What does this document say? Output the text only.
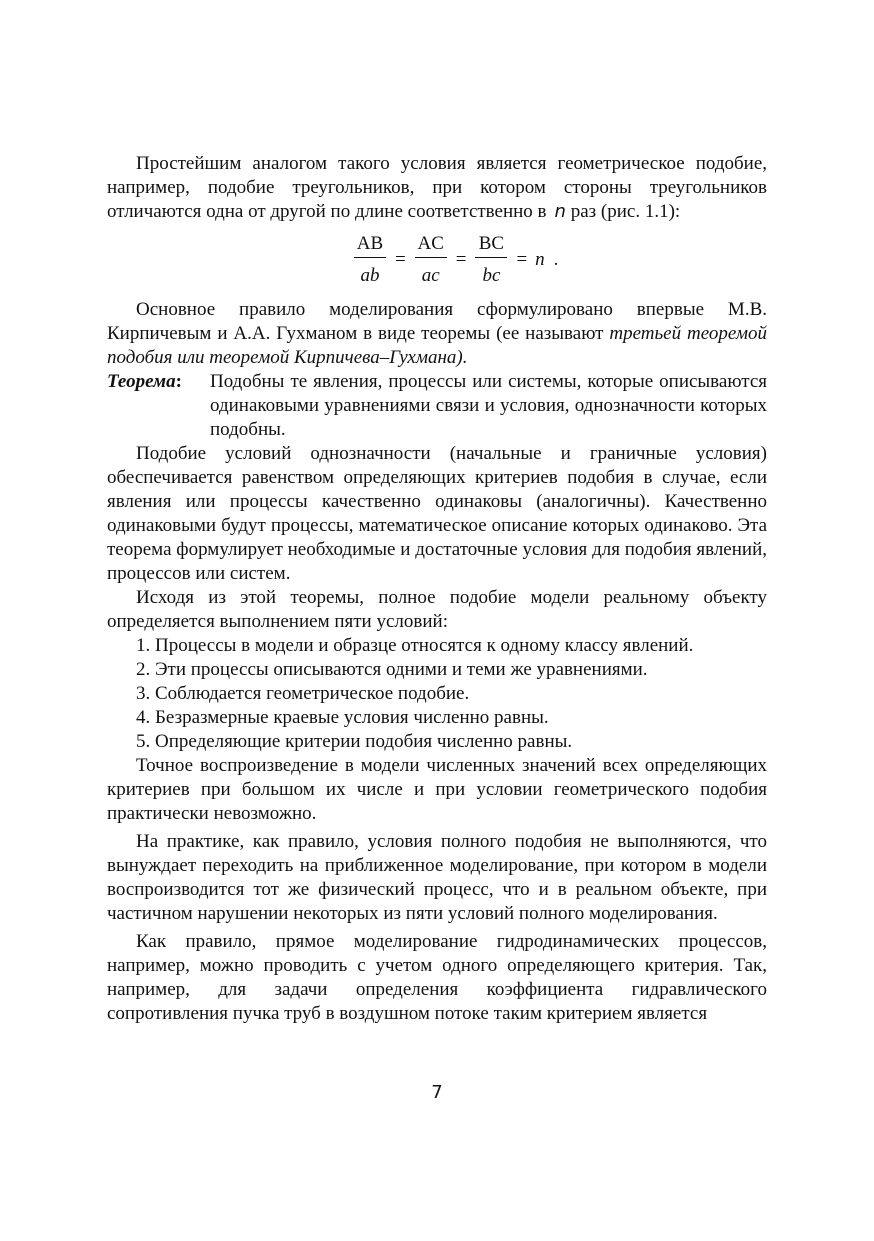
Простейшим аналогом такого условия является геометрическое подобие, например, подобие треугольников, при котором стороны треугольников отличаются одна от другой по длине соответственно в n раз (рис. 1.1):

$\frac{AB}{ab} = \frac{AC}{ac} = \frac{BC}{bc} = n$ .

Основное правило моделирования сформулировано впервые М.В. Кирпичевым и А.А. Гухманом в виде теоремы (ее называют третьей теоремой подобия или теоремой Кирпичева–Гухмана).

Теорема:	Подобны те явления, процессы или системы, которые описываются одинаковыми уравнениями связи и условия, однозначности которых подобны.

Подобие условий однозначности (начальные и граничные условия) обеспечивается равенством определяющих критериев подобия в случае, если явления или процессы качественно одинаковы (аналогичны). Качественно одинаковыми будут процессы, математическое описание которых одинаково. Эта теорема формулирует необходимые и достаточные условия для подобия явлений, процессов или систем.

Исходя из этой теоремы, полное подобие модели реальному объекту определяется выполнением пяти условий:

1. Процессы в модели и образце относятся к одному классу явлений.
2. Эти процессы описываются одними и теми же уравнениями.
3. Соблюдается геометрическое подобие.
4. Безразмерные краевые условия численно равны.
5. Определяющие критерии подобия численно равны.

Точное воспроизведение в модели численных значений всех определяющих критериев при большом их числе и при условии геометрического подобия практически невозможно.

На практике, как правило, условия полного подобия не выполняются, что вынуждает переходить на приближенное моделирование, при котором в модели воспроизводится тот же физический процесс, что и в реальном объекте, при частичном нарушении некоторых из пяти условий полного моделирования.

Как правило, прямое моделирование гидродинамических процессов, например, можно проводить с учетом одного определяющего критерия. Так, например, для задачи определения коэффициента гидравлического сопротивления пучка труб в воздушном потоке таким критерием является

7
